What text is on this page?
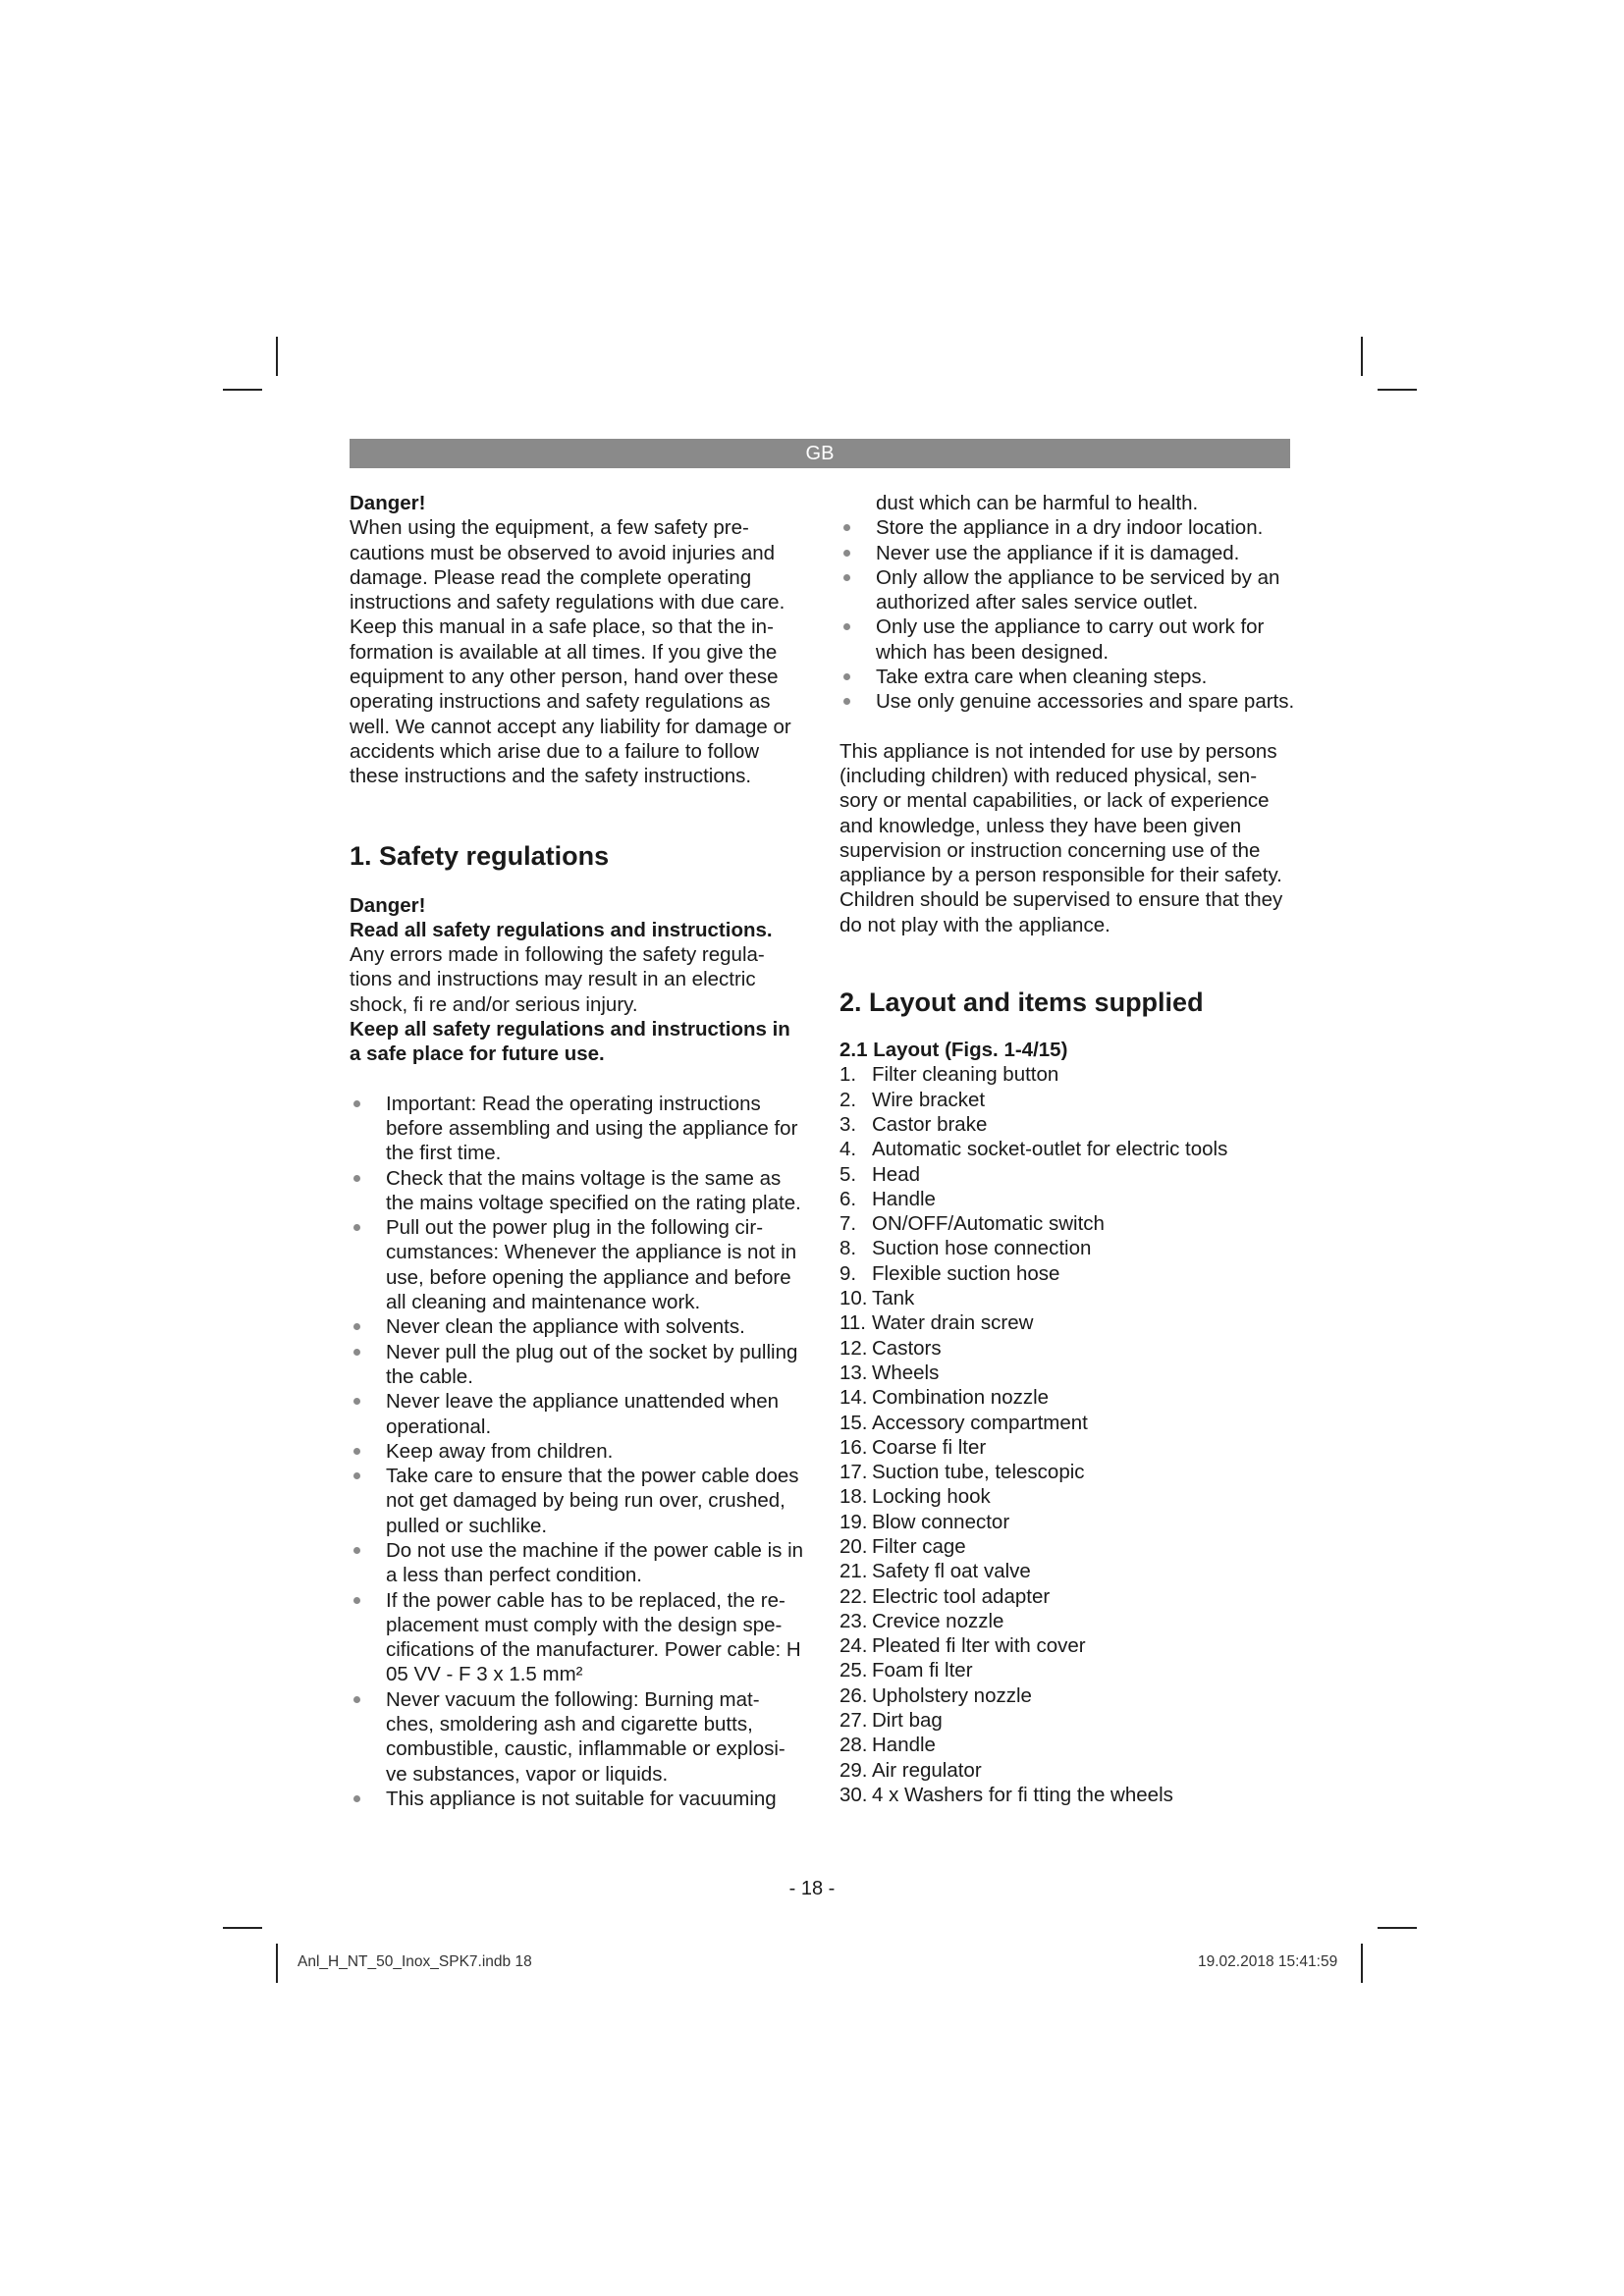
GB

Danger!

When using the equipment, a few safety pre- cautions must be observed to avoid injuries and damage. Please read the complete operating instructions and safety regulations with due care. Keep this manual in a safe place, so that the in- formation is available at all times. If you give the equipment to any other person, hand over these operating instructions and safety regulations as well. We cannot accept any liability for damage or accidents which arise due to a failure to follow these instructions and the safety instructions.

1. Safety regulations

Danger!

Read all safety regulations and instructions.

Any errors made in following the safety regula- tions and instructions may result in an electric shock, fi re and/or serious injury.

Keep all safety regulations and instructions in a safe place for future use.

Important: Read the operating instructions before assembling and using the appliance for the first time.
Check that the mains voltage is the same as the mains voltage specified on the rating plate.
Pull out the power plug in the following cir- cumstances: Whenever the appliance is not in use, before opening the appliance and before all cleaning and maintenance work.
Never clean the appliance with solvents.
Never pull the plug out of the socket by pulling the cable.
Never leave the appliance unattended when operational.
Keep away from children.
Take care to ensure that the power cable does not get damaged by being run over, crushed, pulled or suchlike.
Do not use the machine if the power cable is in a less than perfect condition.
If the power cable has to be replaced, the re- placement must comply with the design spe- cifications of the manufacturer. Power cable: H 05 VV - F 3 x 1.5 mm²
Never vacuum the following: Burning mat- ches, smoldering ash and cigarette butts, combustible, caustic, inflammable or explosi- ve substances, vapor or liquids.
This appliance is not suitable for vacuuming

dust which can be harmful to health.

Store the appliance in a dry indoor location.
Never use the appliance if it is damaged.
Only allow the appliance to be serviced by an authorized after sales service outlet.
Only use the appliance to carry out work for which has been designed.
Take extra care when cleaning steps.
Use only genuine accessories and spare parts.

This appliance is not intended for use by persons (including children) with reduced physical, sen- sory or mental capabilities, or lack of experience and knowledge, unless they have been given supervision or instruction concerning use of the appliance by a person responsible for their safety. Children should be supervised to ensure that they do not play with the appliance.

2. Layout and items supplied
2.1 Layout (Figs. 1-4/15)
1. Filter cleaning button
2. Wire bracket
3. Castor brake
4. Automatic socket-outlet for electric tools
5. Head
6. Handle
7. ON/OFF/Automatic switch
8. Suction hose connection
9. Flexible suction hose
10. Tank
11. Water drain screw
12. Castors
13. Wheels
14. Combination nozzle
15. Accessory compartment
16. Coarse fi lter
17. Suction tube, telescopic
18. Locking hook
19. Blow connector
20. Filter cage
21. Safety fl oat valve
22. Electric tool adapter
23. Crevice nozzle
24. Pleated fi lter with cover
25. Foam fi lter
26. Upholstery nozzle
27. Dirt bag
28. Handle
29. Air regulator
30. 4 x Washers for fi tting the wheels
- 18 -
Anl_H_NT_50_Inox_SPK7.indb 18	19.02.2018 15:41:59
